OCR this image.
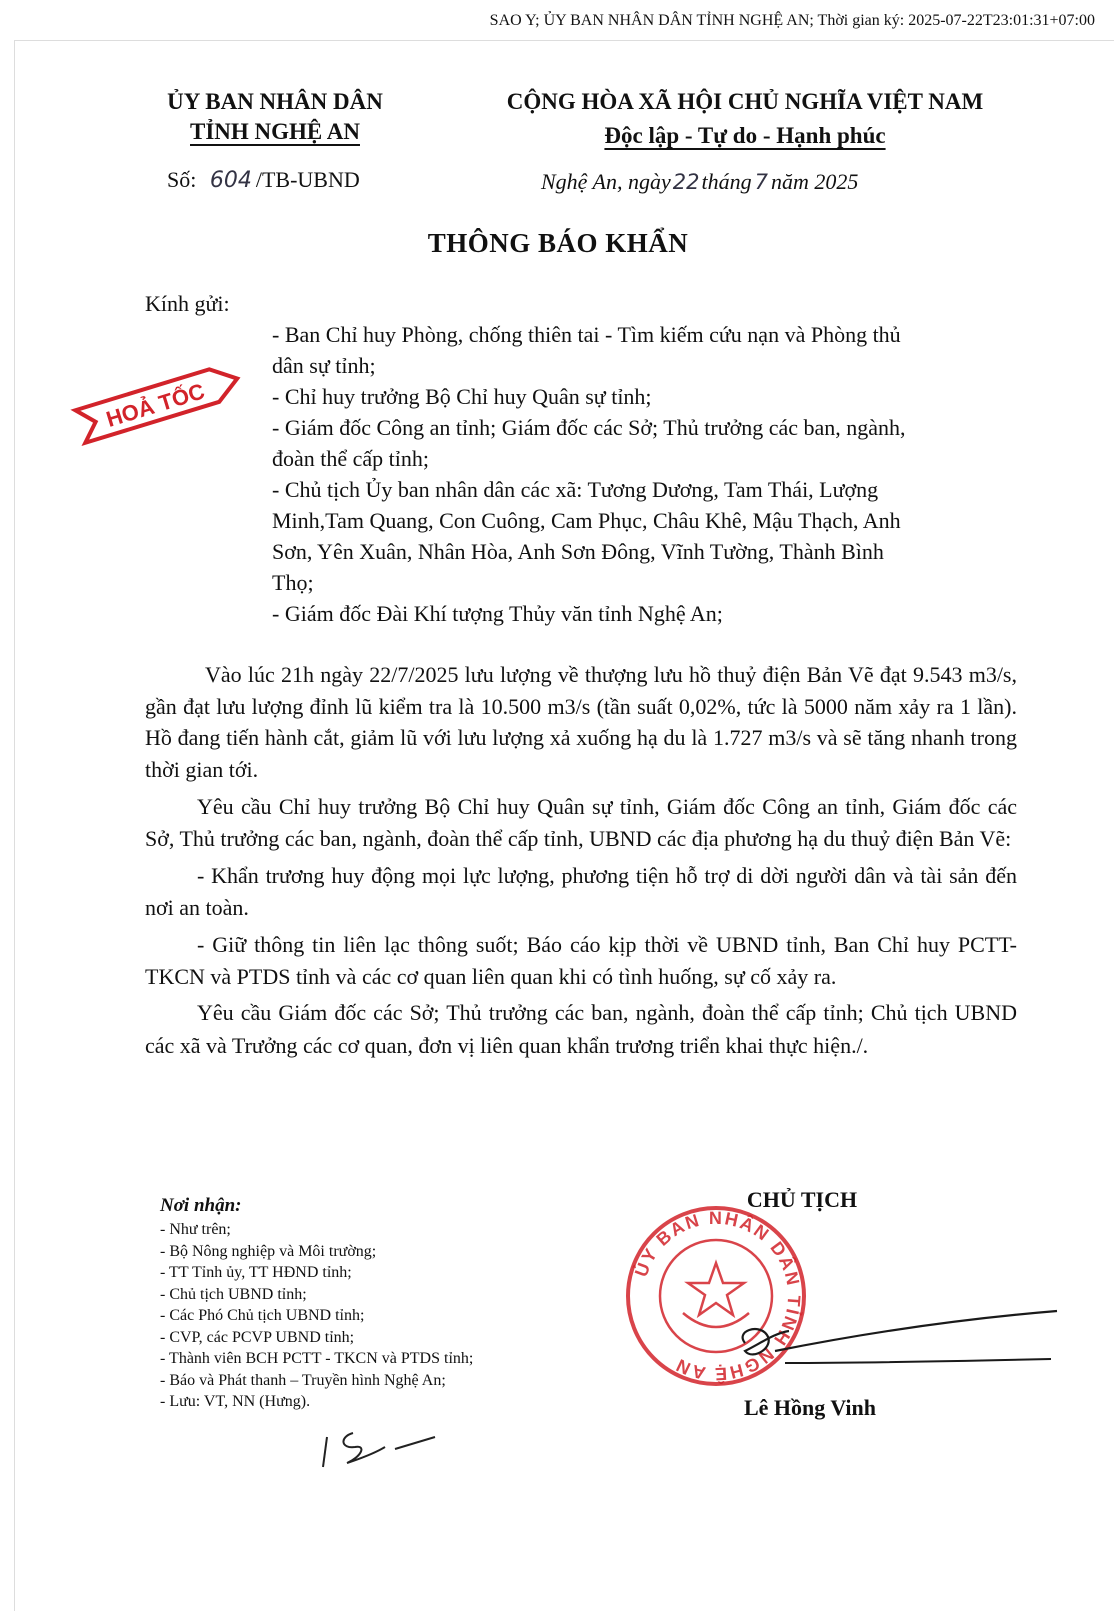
SAO Y; ỦY BAN NHÂN DÂN TỈNH NGHỆ AN; Thời gian ký: 2025-07-22T23:01:31+07:00
ỦY BAN NHÂN DÂN
TỈNH NGHỆ AN
Số: 604 /TB-UBND
CỘNG HÒA XÃ HỘI CHỦ NGHĨA VIỆT NAM
Độc lập - Tự do - Hạnh phúc
Nghệ An, ngày22tháng 7 năm 2025
HOẢ TỐC
THÔNG BÁO KHẨN
Kính gửi:
- Ban Chỉ huy Phòng, chống thiên tai - Tìm kiếm cứu nạn và Phòng thủ
dân sự tỉnh;
- Chỉ huy trưởng Bộ Chỉ huy Quân sự tỉnh;
- Giám đốc Công an tỉnh; Giám đốc các Sở; Thủ trưởng các ban, ngành,
đoàn thể cấp tỉnh;
- Chủ tịch Ủy ban nhân dân các xã: Tương Dương, Tam Thái, Lượng
Minh,Tam Quang, Con Cuông, Cam Phục, Châu Khê, Mậu Thạch, Anh
Sơn, Yên Xuân, Nhân Hòa, Anh Sơn Đông, Vĩnh Tường, Thành Bình
Thọ;
- Giám đốc Đài Khí tượng Thủy văn tỉnh Nghệ An;
Vào lúc 21h ngày 22/7/2025 lưu lượng về thượng lưu hồ thuỷ điện Bản Vẽ đạt 9.543 m3/s, gần đạt lưu lượng đỉnh lũ kiểm tra là 10.500 m3/s (tần suất 0,02%, tức là 5000 năm xảy ra 1 lần). Hồ đang tiến hành cắt, giảm lũ với lưu lượng xả xuống hạ du là 1.727 m3/s và sẽ tăng nhanh trong thời gian tới.
Yêu cầu Chỉ huy trưởng Bộ Chỉ huy Quân sự tỉnh, Giám đốc Công an tỉnh, Giám đốc các Sở, Thủ trưởng các ban, ngành, đoàn thể cấp tỉnh, UBND các địa phương hạ du thuỷ điện Bản Vẽ:
- Khẩn trương huy động mọi lực lượng, phương tiện hỗ trợ di dời người dân và tài sản đến nơi an toàn.
- Giữ thông tin liên lạc thông suốt; Báo cáo kịp thời về UBND tỉnh, Ban Chỉ huy PCTT-TKCN và PTDS tỉnh và các cơ quan liên quan khi có tình huống, sự cố xảy ra.
Yêu cầu Giám đốc các Sở; Thủ trưởng các ban, ngành, đoàn thể cấp tỉnh; Chủ tịch UBND các xã và Trưởng các cơ quan, đơn vị liên quan khẩn trương triển khai thực hiện./.
Nơi nhận:
- Như trên;
- Bộ Nông nghiệp và Môi trường;
- TT Tỉnh ủy, TT HĐND tỉnh;
- Chủ tịch UBND tỉnh;
- Các Phó Chủ tịch UBND tỉnh;
- CVP, các PCVP UBND tỉnh;
- Thành viên BCH PCTT - TKCN và PTDS tỉnh;
- Báo và Phát thanh – Truyền hình Nghệ An;
- Lưu: VT, NN (Hưng).
CHỦ TỊCH
ỦY BAN NHÂN DÂN TỈNH NGHỆ AN
Lê Hồng Vinh
